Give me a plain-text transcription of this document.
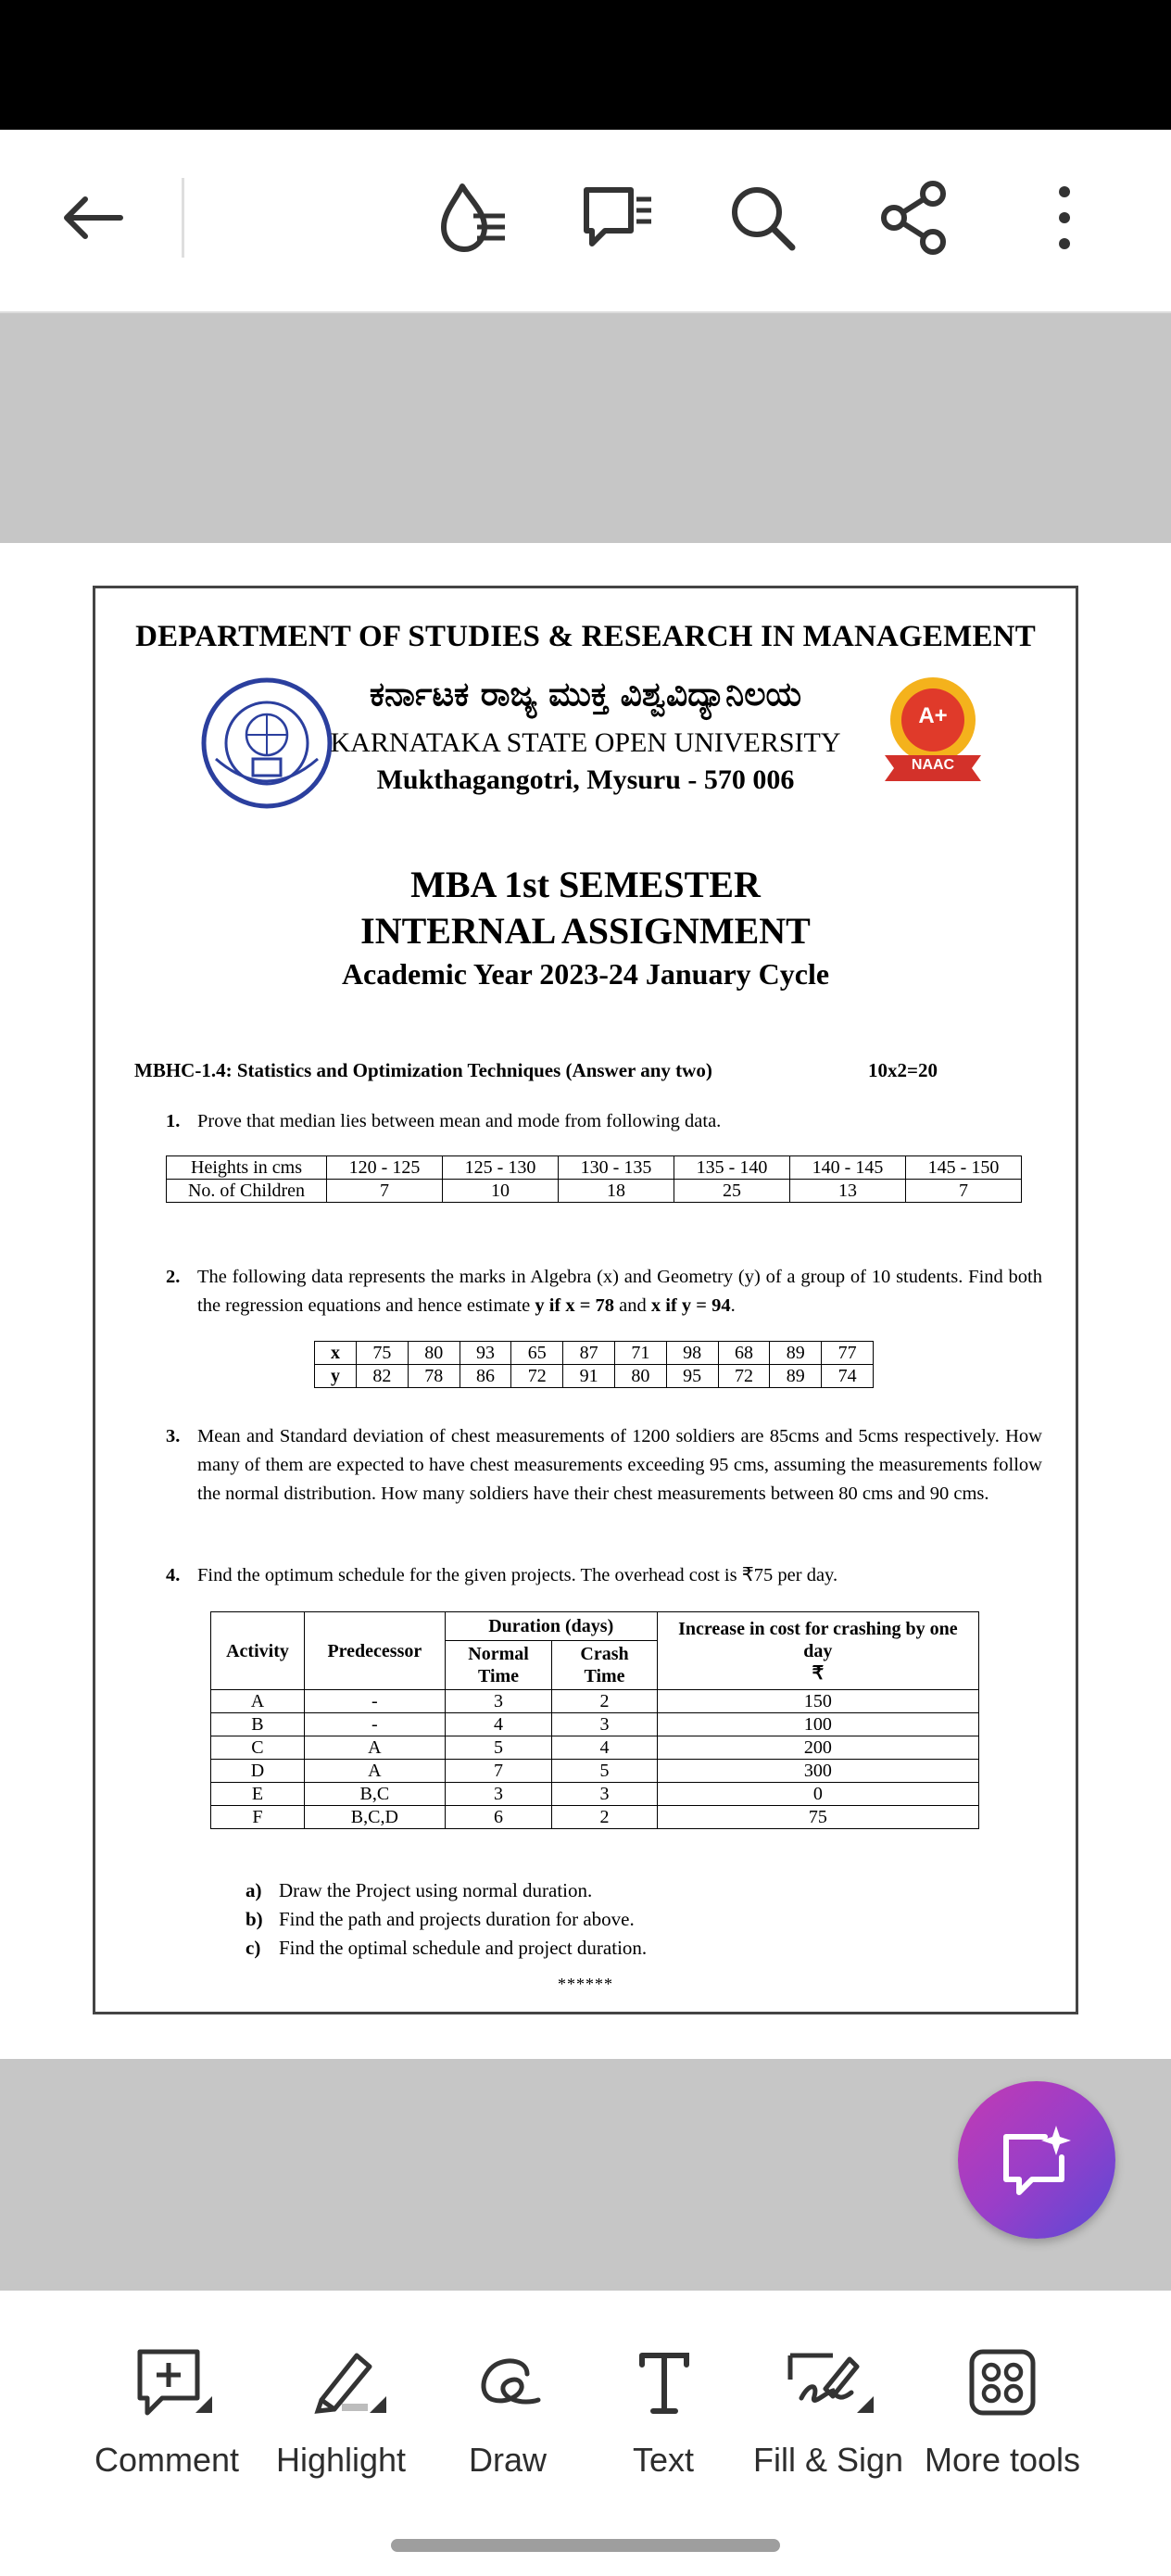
DEPARTMENT OF STUDIES & RESEARCH IN MANAGEMENT
ಕರ್ನಾಟಕ ರಾಜ್ಯ ಮುಕ್ತ ವಿಶ್ವವಿದ್ಯಾನಿಲಯ
KARNATAKA STATE OPEN UNIVERSITY
Mukthagangotri, Mysuru - 570 006
A+
NAAC
MBA 1st SEMESTER
INTERNAL ASSIGNMENT
Academic Year 2023-24 January Cycle
MBHC-1.4: Statistics and Optimization Techniques (Answer any two)	10x2=20
1. Prove that median lies between mean and mode from following data.
Heights in cms	120 - 125	125 - 130	130 - 135	135 - 140	140 - 145	145 - 150
No. of Children	7	10	18	25	13	7
2. The following data represents the marks in Algebra (x) and Geometry (y) of a group of 10 students. Find both the regression equations and hence estimate y if x = 78 and x if y = 94.
x	75	80	93	65	87	71	98	68	89	77
y	82	78	86	72	91	80	95	72	89	74
3. Mean and Standard deviation of chest measurements of 1200 soldiers are 85cms and 5cms respectively. How many of them are expected to have chest measurements exceeding 95 cms, assuming the measurements follow the normal distribution. How many soldiers have their chest measurements between 80 cms and 90 cms.
4. Find the optimum schedule for the given projects. The overhead cost is ₹75 per day.
Activity	Predecessor	Duration (days)		Increase in cost for crashing by one day
₹
		Normal Time	Crash Time	
A	-	3	2	150
B	-	4	3	100
C	A	5	4	200
D	A	7	5	300
E	B,C	3	3	0
F	B,C,D	6	2	75
a) Draw the Project using normal duration.
b) Find the path and projects duration for above.
c) Find the optimal schedule and project duration.
******
Comment	Highlight	Draw	Text	Fill & Sign More tools
